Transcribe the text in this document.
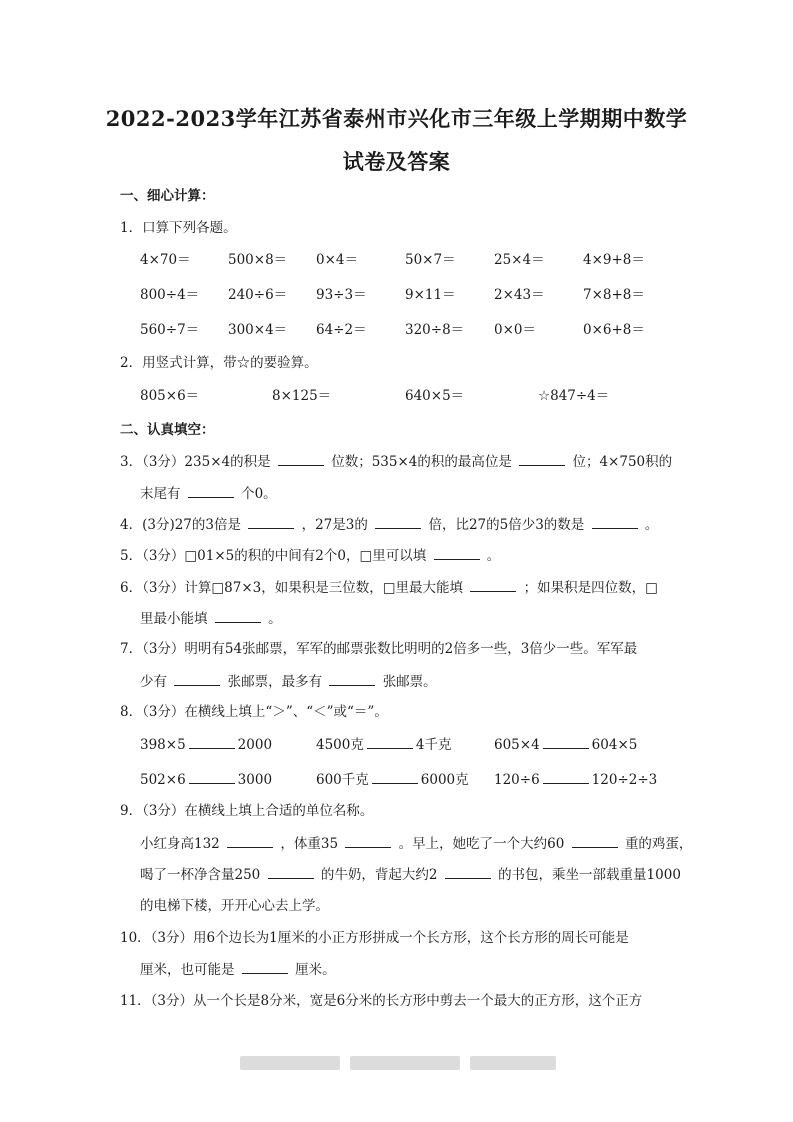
2022-2023学年江苏省泰州市兴化市三年级上学期期中数学
试卷及答案
一、细心计算：
1．口算下列各题。
4×70＝	500×8＝ 0×4＝	50×7＝	25×4＝	4×9+8＝
800÷4＝ 240÷6＝ 93÷3＝	9×11＝	2×43＝	7×8+8＝
560÷7＝ 300×4＝ 64÷2＝	320÷8＝ 0×0＝	0×6+8＝
2．用竖式计算，带☆的要验算。
805×6＝	8×125＝	640×5＝	☆847÷4＝
二、认真填空：
3．（3分）235×4的积是	位数；535×4的积的最高位是	位；4×750积的
末尾有	个0。
4．(3分)27的3倍是	，27是3的	倍，比27的5倍少3的数是	。
5．（3分）□01×5的积的中间有2个0，□里可以填	。
6．（3分）计算□87×3，如果积是三位数，□里最大能填	；如果积是四位数，□
里最小能填	。
7．（3分）明明有54张邮票，军军的邮票张数比明明的2倍多一些，3倍少一些。军军最
少有	张邮票，最多有	张邮票。
8．（3分）在横线上填上“＞”、“＜”或“＝”。
398×5	2000	4500克	4千克	605×4	604×5
502×6	3000	600千克	6000克 120÷6	120÷2÷3
9．（3分）在横线上填上合适的单位名称。
小红身高132	，体重35	。早上，她吃了一个大约60	重的鸡蛋，
喝了一杯净含量250	的牛奶，背起大约2	的书包，乘坐一部载重量1000
的电梯下楼，开开心心去上学。
10．（3分）用6个边长为1厘米的小正方形拼成一个长方形，这个长方形的周长可能是
厘米，也可能是	厘米。
11．（3分）从一个长是8分米，宽是6分米的长方形中剪去一个最大的正方形，这个正方
